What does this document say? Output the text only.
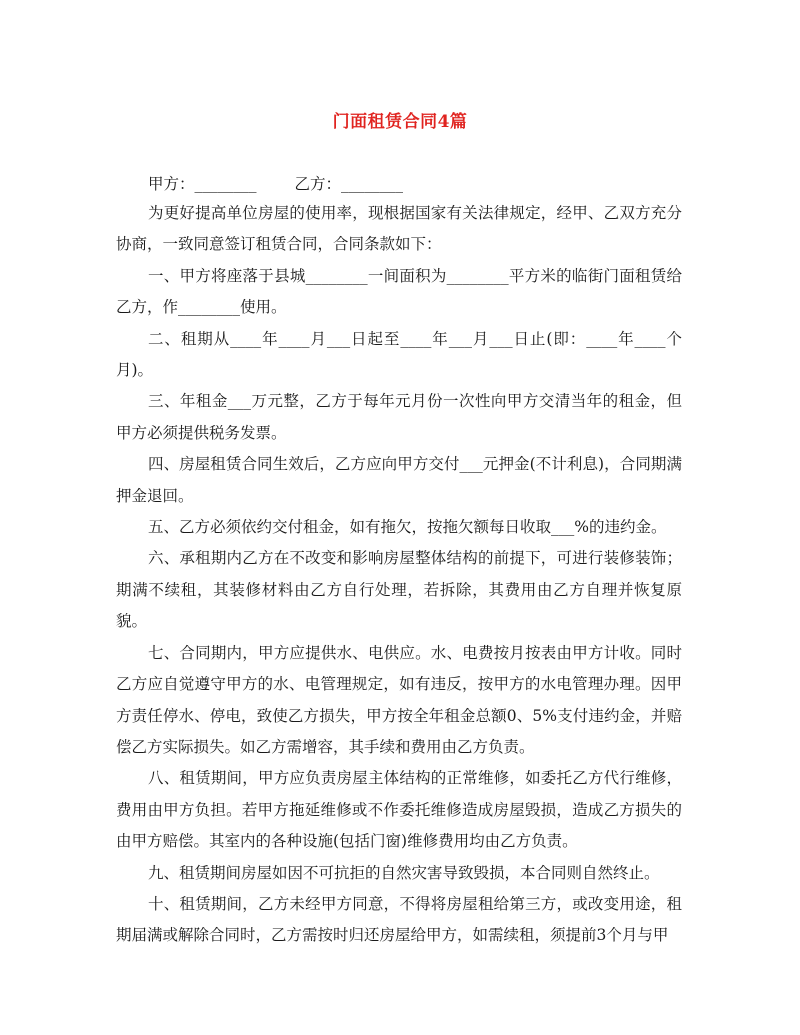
门面租赁合同4篇
甲方：________ 乙方：________

为更好提高单位房屋的使用率，现根据国家有关法律规定，经甲、乙双方充分协商，一致同意签订租赁合同，合同条款如下：

一、甲方将座落于县城________一间面积为________平方米的临街门面租赁给乙方，作________使用。

二、租期从____年____月___日起至____年___月___日止(即：____年____个月)。

三、年租金___万元整，乙方于每年元月份一次性向甲方交清当年的租金，但甲方必须提供税务发票。

四、房屋租赁合同生效后，乙方应向甲方交付___元押金(不计利息)，合同期满押金退回。

五、乙方必须依约交付租金，如有拖欠，按拖欠额每日收取___%的违约金。

六、承租期内乙方在不改变和影响房屋整体结构的前提下，可进行装修装饰；期满不续租，其装修材料由乙方自行处理，若拆除，其费用由乙方自理并恢复原貌。

七、合同期内，甲方应提供水、电供应。水、电费按月按表由甲方计收。同时乙方应自觉遵守甲方的水、电管理规定，如有违反，按甲方的水电管理办理。因甲方责任停水、停电，致使乙方损失，甲方按全年租金总额0、5%支付违约金，并赔偿乙方实际损失。如乙方需增容，其手续和费用由乙方负责。

八、租赁期间，甲方应负责房屋主体结构的正常维修，如委托乙方代行维修，费用由甲方负担。若甲方拖延维修或不作委托维修造成房屋毁损，造成乙方损失的由甲方赔偿。其室内的各种设施(包括门窗)维修费用均由乙方负责。

九、租赁期间房屋如因不可抗拒的自然灾害导致毁损，本合同则自然终止。

十、租赁期间，乙方未经甲方同意，不得将房屋租给第三方，或改变用途，租期届满或解除合同时，乙方需按时归还房屋给甲方，如需续租，须提前3个月与甲
